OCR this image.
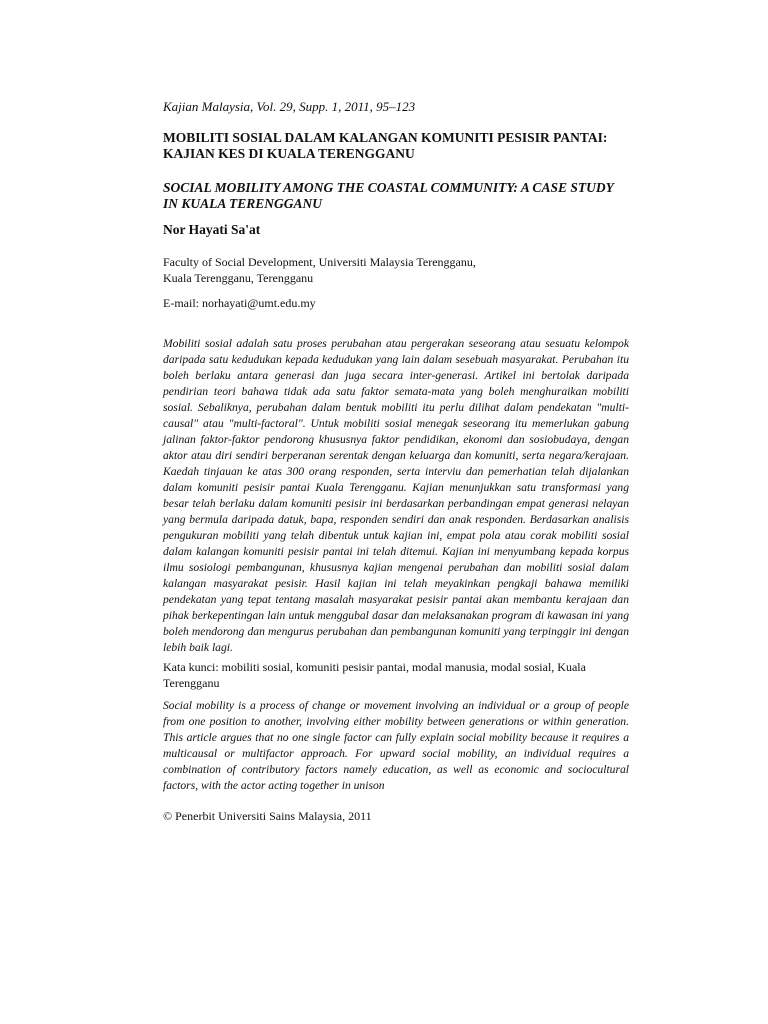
Kajian Malaysia, Vol. 29, Supp. 1, 2011, 95–123
MOBILITI SOSIAL DALAM KALANGAN KOMUNITI PESISIR PANTAI: KAJIAN KES DI KUALA TERENGGANU
SOCIAL MOBILITY AMONG THE COASTAL COMMUNITY: A CASE STUDY IN KUALA TERENGGANU
Nor Hayati Sa'at
Faculty of Social Development, Universiti Malaysia Terengganu,
Kuala Terengganu, Terengganu
E-mail: norhayati@umt.edu.my
Mobiliti sosial adalah satu proses perubahan atau pergerakan seseorang atau sesuatu kelompok daripada satu kedudukan kepada kedudukan yang lain dalam sesebuah masyarakat. Perubahan itu boleh berlaku antara generasi dan juga secara inter-generasi. Artikel ini bertolak daripada pendirian teori bahawa tidak ada satu faktor semata-mata yang boleh menghuraikan mobiliti sosial. Sebaliknya, perubahan dalam bentuk mobiliti itu perlu dilihat dalam pendekatan "multi-causal" atau "multi-factoral". Untuk mobiliti sosial menegak seseorang itu memerlukan gabung jalinan faktor-faktor pendorong khususnya faktor pendidikan, ekonomi dan sosiobudaya, dengan aktor atau diri sendiri berperanan serentak dengan keluarga dan komuniti, serta negara/kerajaan. Kaedah tinjauan ke atas 300 orang responden, serta interviu dan pemerhatian telah dijalankan dalam komuniti pesisir pantai Kuala Terengganu. Kajian menunjukkan satu transformasi yang besar telah berlaku dalam komuniti pesisir ini berdasarkan perbandingan empat generasi nelayan yang bermula daripada datuk, bapa, responden sendiri dan anak responden. Berdasarkan analisis pengukuran mobiliti yang telah dibentuk untuk kajian ini, empat pola atau corak mobiliti sosial dalam kalangan komuniti pesisir pantai ini telah ditemui. Kajian ini menyumbang kepada korpus ilmu sosiologi pembangunan, khususnya kajian mengenai perubahan dan mobiliti sosial dalam kalangan masyarakat pesisir. Hasil kajian ini telah meyakinkan pengkaji bahawa memiliki pendekatan yang tepat tentang masalah masyarakat pesisir pantai akan membantu kerajaan dan pihak berkepentingan lain untuk menggubal dasar dan melaksanakan program di kawasan ini yang boleh mendorong dan mengurus perubahan dan pembangunan komuniti yang terpinggir ini dengan lebih baik lagi.
Kata kunci: mobiliti sosial, komuniti pesisir pantai, modal manusia, modal sosial, Kuala Terengganu
Social mobility is a process of change or movement involving an individual or a group of people from one position to another, involving either mobility between generations or within generation. This article argues that no one single factor can fully explain social mobility because it requires a multicausal or multifactor approach. For upward social mobility, an individual requires a combination of contributory factors namely education, as well as economic and sociocultural factors, with the actor acting together in unison
© Penerbit Universiti Sains Malaysia, 2011
